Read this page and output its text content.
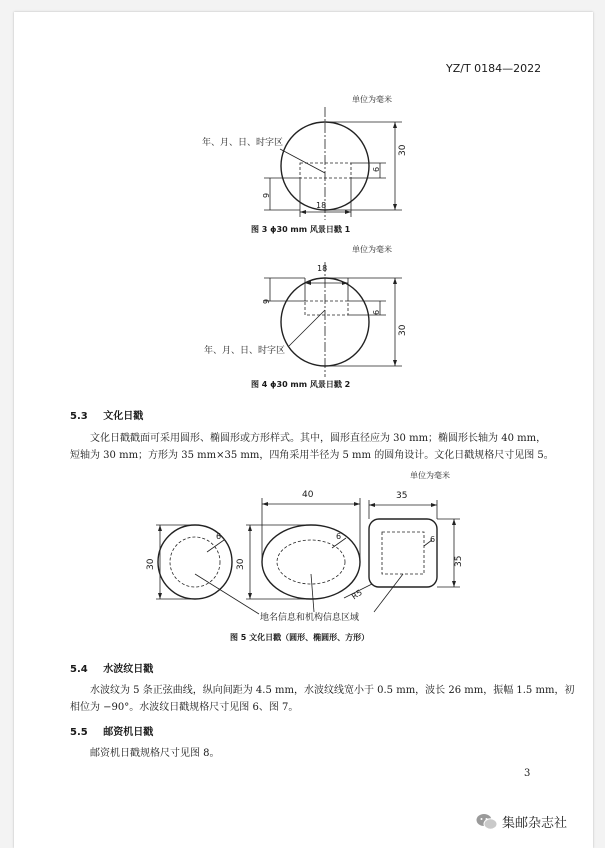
YZ/T 0184—2022
单位为毫米
年、月、日、时字区
30
6
9
18
图 3 ϕ30 mm 风景日戳 1
单位为毫米
18
9
6
30
年、月、日、时字区
图 4 ϕ30 mm 风景日戳 2
5.3 文化日戳
文化日戳戳面可采用圆形、椭圆形或方形样式。其中，圆形直径应为 30 mm；椭圆形长轴为 40 mm，
短轴为 30 mm；方形为 35 mm×35 mm，四角采用半径为 5 mm 的圆角设计。文化日戳规格尺寸见图 5。
单位为毫米
30
6
40
30
6
35
35
6
R5
地名信息和机构信息区域
图 5 文化日戳（圆形、椭圆形、方形）
5.4 水波纹日戳
水波纹为 5 条正弦曲线，纵向间距为 4.5 mm，水波纹线宽小于 0.5 mm，波长 26 mm，振幅 1.5 mm，初
相位为 −90°。水波纹日戳规格尺寸见图 6、图 7。
5.5 邮资机日戳
邮资机日戳规格尺寸见图 8。
3
集邮杂志社
